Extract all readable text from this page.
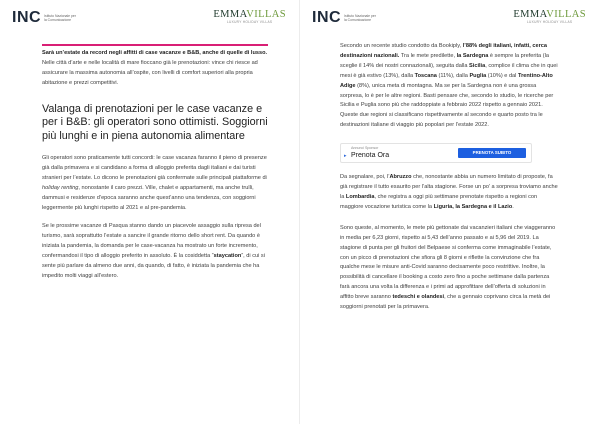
INC Istituto Nazionale per la Comunicazione	EMMAVILLAS
LUXURY HOLIDAY VILLAS

Sarà un’estate da record negli affitti di case vacanze e B&B, anche di quelle di lusso. Nelle città d’arte e nelle località di mare fioccano già le prenotazioni: vince chi riesce ad assicurare la massima autonomia all’ospite, con livelli di comfort superiori alla propria abitazione e prezzi competitivi.

Valanga di prenotazioni per le case vacanze e per i B&B: gli operatori sono ottimisti. Soggiorni più lunghi e in piena autonomia alimentare

Gli operatori sono praticamente tutti concordi: le case vacanza faranno il pieno di presenze già dalla primavera e si candidano a forma di alloggio preferita dagli italiani e dai turisti stranieri per l’estate. Lo dicono le prenotazioni già confermate sulle principali piattaforme di holiday renting, nonostante il caro prezzi. Ville, chalet e appartamenti, ma anche trulli, dammusi e residenze d’epoca saranno anche quest’anno una tendenza, con soggiorni leggermente più lunghi rispetto al 2021 e al pre-pandemia.

Se le prossime vacanze di Pasqua stanno dando un piacevole assaggio sulla ripresa del turismo, sarà soprattutto l’estate a sancire il grande ritorno dello short rent. Da quando è iniziata la pandemia, la domanda per le case-vacanza ha mostrato un forte incremento, confermandosi il tipo di alloggio preferito in assoluto. È la cosiddetta “staycation”, di cui si sente più parlare da almeno due anni, da quando, di fatto, è iniziata la pandemia che ha impedito molti viaggi all’estero.

INC Istituto Nazionale per la Comunicazione	EMMAVILLAS
LUXURY HOLIDAY VILLAS

Secondo un recente studio condotto da Bookiply, l’88% degli italiani, infatti, cerca destinazioni nazionali. Tra le mete predilette, la Sardegna è sempre la preferita (la sceglie il 14% dei nostri connazionali), seguita dalla Sicilia, complice il clima che in quei mesi è già estivo (13%), dalla Toscana (11%), dalla Puglia (10%) e dal Trentino-Alto Adige (8%), unica meta di montagna. Ma se per la Sardegna non è una grossa sorpresa, lo è per le altre regioni. Basti pensare che, secondo lo studio, le ricerche per Sicilia e Puglia sono più che raddoppiate a febbraio 2022 rispetto a gennaio 2021. Queste due regioni si classificano rispettivamente al secondo e quarto posto tra le destinazioni italiane di viaggio più popolari per l’estate 2022.

Annunci Sponsor
▸ Prenota Ora	PRENOTA SUBITO

Da segnalare, poi, l’Abruzzo che, nonostante abbia un numero limitato di proposte, fa già registrare il tutto esaurito per l’alta stagione. Forse un po’ a sorpresa troviamo anche la Lombardia, che registra a oggi più settimane prenotate rispetto a regioni con maggiore vocazione turistica come la Liguria, la Sardegna e il Lazio.

Sono queste, al momento, le mete più gettonate dai vacanzieri italiani che viaggeranno in media per 6,23 giorni, rispetto ai 5,43 dell’anno passato e ai 5,96 del 2019. La stagione di punta per gli fruitori del Belpaese si conferma come immaginabile l’estate, con un picco di prenotazioni che sfiora gli 8 giorni e riflette la convinzione che fra qualche mese le misure anti-Covid saranno decisamente poco restrittive. Inoltre, la possibilità di cancellare il booking a costo zero fino a poche settimane dalla partenza farà ancora una volta la differenza e i primi ad approfittare dell’offerta di soluzioni in affitto breve saranno tedeschi e olandesi, che a gennaio coprivano circa la metà dei soggiorni prenotati per la primavera.
